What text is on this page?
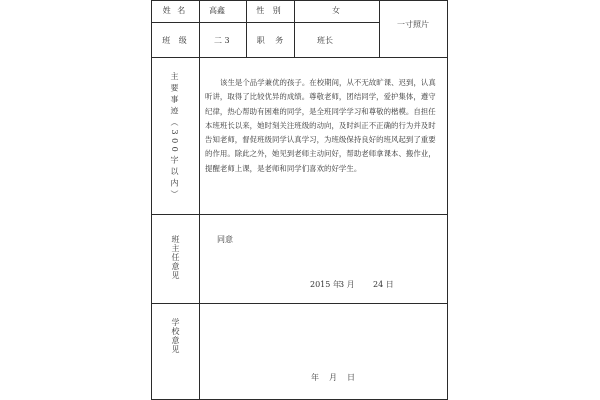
姓 名	高鑫	性 别	女
班 级	二 3	职 务	班长
一寸照片
主要事迹（300字以内）	该生是个品学兼优的孩子。在校期间，从不无故旷课、迟到，认真听讲，取得了比较优异的成绩。尊敬老师，团结同学，爱护集体，遵守纪律，热心帮助有困难的同学，是全班同学学习和尊敬的楷模。自担任本班班长以来，她时刻关注班级的动向，及时纠正不正确的行为并及时告知老师，督促班级同学认真学习，为班级保持良好的班风起到了重要的作用。除此之外，她见到老师主动问好，帮助老师拿课本、搬作业，提醒老师上课，是老师和同学们喜欢的好学生。
班主任意见	同意
2015 年
3 月 24 日
学校意见
年 月 日
